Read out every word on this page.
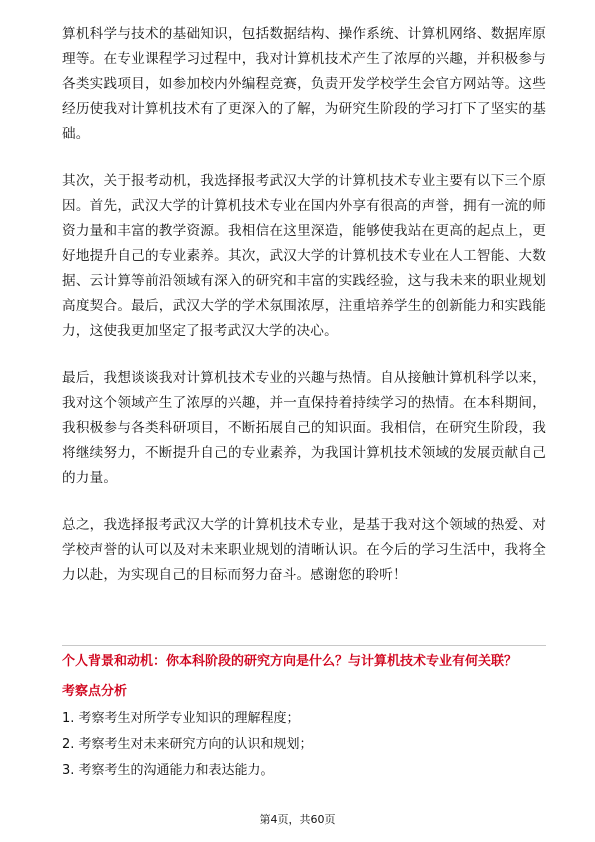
算机科学与技术的基础知识，包括数据结构、操作系统、计算机网络、数据库原理等。在专业课程学习过程中，我对计算机技术产生了浓厚的兴趣，并积极参与各类实践项目，如参加校内外编程竞赛，负责开发学校学生会官方网站等。这些经历使我对计算机技术有了更深入的了解，为研究生阶段的学习打下了坚实的基础。

其次，关于报考动机，我选择报考武汉大学的计算机技术专业主要有以下三个原因。首先，武汉大学的计算机技术专业在国内外享有很高的声誉，拥有一流的师资力量和丰富的教学资源。我相信在这里深造，能够使我站在更高的起点上，更好地提升自己的专业素养。其次，武汉大学的计算机技术专业在人工智能、大数据、云计算等前沿领域有深入的研究和丰富的实践经验，这与我未来的职业规划高度契合。最后，武汉大学的学术氛围浓厚，注重培养学生的创新能力和实践能力，这使我更加坚定了报考武汉大学的决心。

最后，我想谈谈我对计算机技术专业的兴趣与热情。自从接触计算机科学以来，我对这个领域产生了浓厚的兴趣，并一直保持着持续学习的热情。在本科期间，我积极参与各类科研项目，不断拓展自己的知识面。我相信，在研究生阶段，我将继续努力，不断提升自己的专业素养，为我国计算机技术领域的发展贡献自己的力量。

总之，我选择报考武汉大学的计算机技术专业，是基于我对这个领域的热爱、对学校声誉的认可以及对未来职业规划的清晰认识。在今后的学习生活中，我将全力以赴，为实现自己的目标而努力奋斗。感谢您的聆听！

个人背景和动机：你本科阶段的研究方向是什么？与计算机技术专业有何关联？
考察点分析
1. 考察考生对所学专业知识的理解程度；
2. 考察考生对未来研究方向的认识和规划；
3. 考察考生的沟通能力和表达能力。
第4页，共60页
